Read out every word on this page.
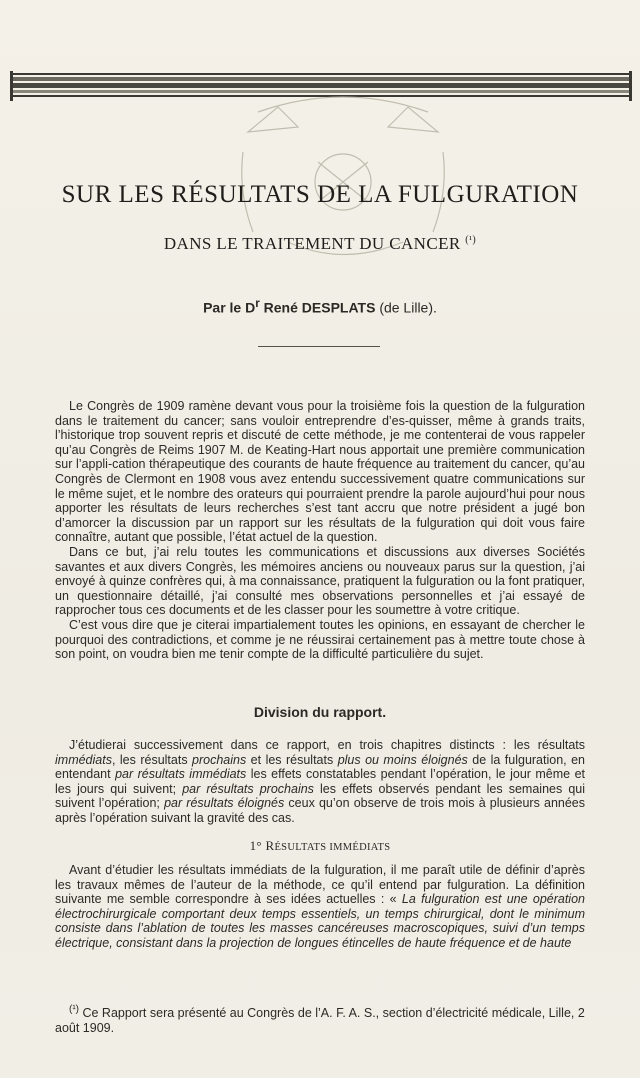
SUR LES RÉSULTATS DE LA FULGURATION
DANS LE TRAITEMENT DU CANCER $^{(^1)}$
Par le $D^r$ René DESPLATS (de Lille).

Le Congrès de 1909 ramène devant vous pour la troisième fois la question de la fulguration dans le traitement du cancer; sans vouloir entreprendre d’es-quisser, même à grands traits, l’historique trop souvent repris et discuté de cette méthode, je me contenterai de vous rappeler qu’au Congrès de Reims 1907 M. de Keating-Hart nous apportait une première communication sur l’appli-cation thérapeutique des courants de haute fréquence au traitement du cancer, qu’au Congrès de Clermont en 1908 vous avez entendu successivement quatre communications sur le même sujet, et le nombre des orateurs qui pourraient prendre la parole aujourd’hui pour nous apporter les résultats de leurs recherches s’est tant accru que notre président a jugé bon d’amorcer la discussion par un rapport sur les résultats de la fulguration qui doit vous faire connaître, autant que possible, l’état actuel de la question.

Dans ce but, j’ai relu toutes les communications et discussions aux diverses Sociétés savantes et aux divers Congrès, les mémoires anciens ou nouveaux parus sur la question, j’ai envoyé à quinze confrères qui, à ma connaissance, pratiquent la fulguration ou la font pratiquer, un questionnaire détaillé, j’ai consulté mes observations personnelles et j’ai essayé de rapprocher tous ces documents et de les classer pour les soumettre à votre critique.

C’est vous dire que je citerai impartialement toutes les opinions, en essayant de chercher le pourquoi des contradictions, et comme je ne réussirai certainement pas à mettre toute chose à son point, on voudra bien me tenir compte de la difficulté particulière du sujet.

Division du rapport.

J’étudierai successivement dans ce rapport, en trois chapitres distincts : les résultats immédiats, les résultats prochains et les résultats plus ou moins éloignés de la fulguration, en entendant par résultats immédiats les effets constatables pendant l’opération, le jour même et les jours qui suivent; par résultats prochains les effets observés pendant les semaines qui suivent l’opération; par résultats éloignés ceux qu’on observe de trois mois à plusieurs années après l’opération suivant la gravité des cas.

1° RÉSULTATS IMMÉDIATS

Avant d’étudier les résultats immédiats de la fulguration, il me paraît utile de définir d’après les travaux mêmes de l’auteur de la méthode, ce qu’il entend par fulguration. La définition suivante me semble correspondre à ses idées actuelles : « La fulguration est une opération électrochirurgicale comportant deux temps essentiels, un temps chirurgical, dont le minimum consiste dans l’ablation de toutes les masses cancéreuses macroscopiques, suivi d’un temps électrique, consistant dans la projection de longues étincelles de haute fréquence et de haute

$^{(^1)}$ Ce Rapport sera présenté au Congrès de l’A. F. A. S., section d’électricité médicale, Lille, 2 août 1909.
